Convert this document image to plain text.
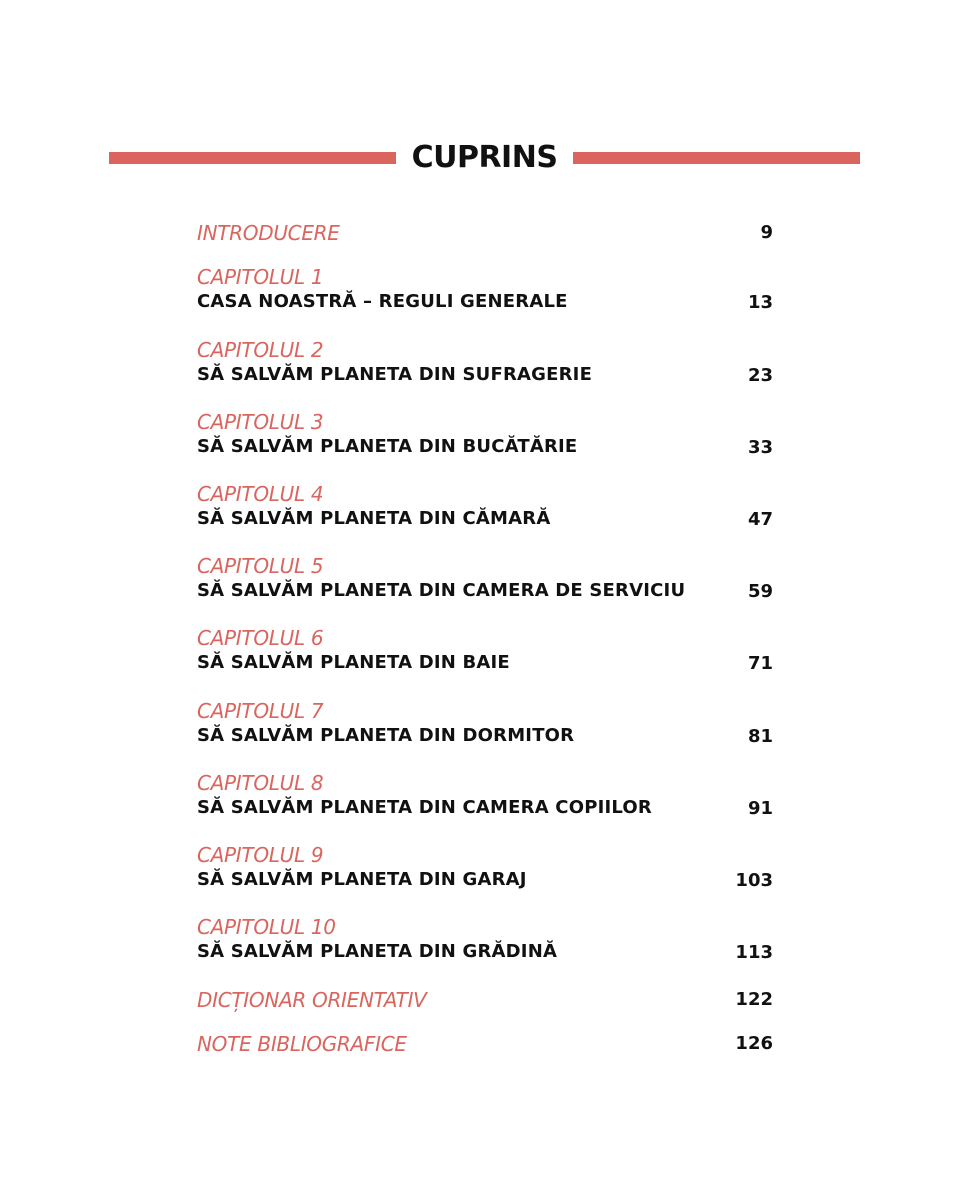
CUPRINS
INTRODUCERE	9
CAPITOLUL 1
CASA NOASTRĂ – REGULI GENERALE	13
CAPITOLUL 2
SĂ SALVĂM PLANETA DIN SUFRAGERIE	23
CAPITOLUL 3
SĂ SALVĂM PLANETA DIN BUCĂTĂRIE	33
CAPITOLUL 4
SĂ SALVĂM PLANETA DIN CĂMARĂ	47
CAPITOLUL 5
SĂ SALVĂM PLANETA DIN CAMERA DE SERVICIU	59
CAPITOLUL 6
SĂ SALVĂM PLANETA DIN BAIE	71
CAPITOLUL 7
SĂ SALVĂM PLANETA DIN DORMITOR	81
CAPITOLUL 8
SĂ SALVĂM PLANETA DIN CAMERA COPIILOR	91
CAPITOLUL 9
SĂ SALVĂM PLANETA DIN GARAJ	103
CAPITOLUL 10
SĂ SALVĂM PLANETA DIN GRĂDINĂ	113
DICȚIONAR ORIENTATIV	122
NOTE BIBLIOGRAFICE	126
